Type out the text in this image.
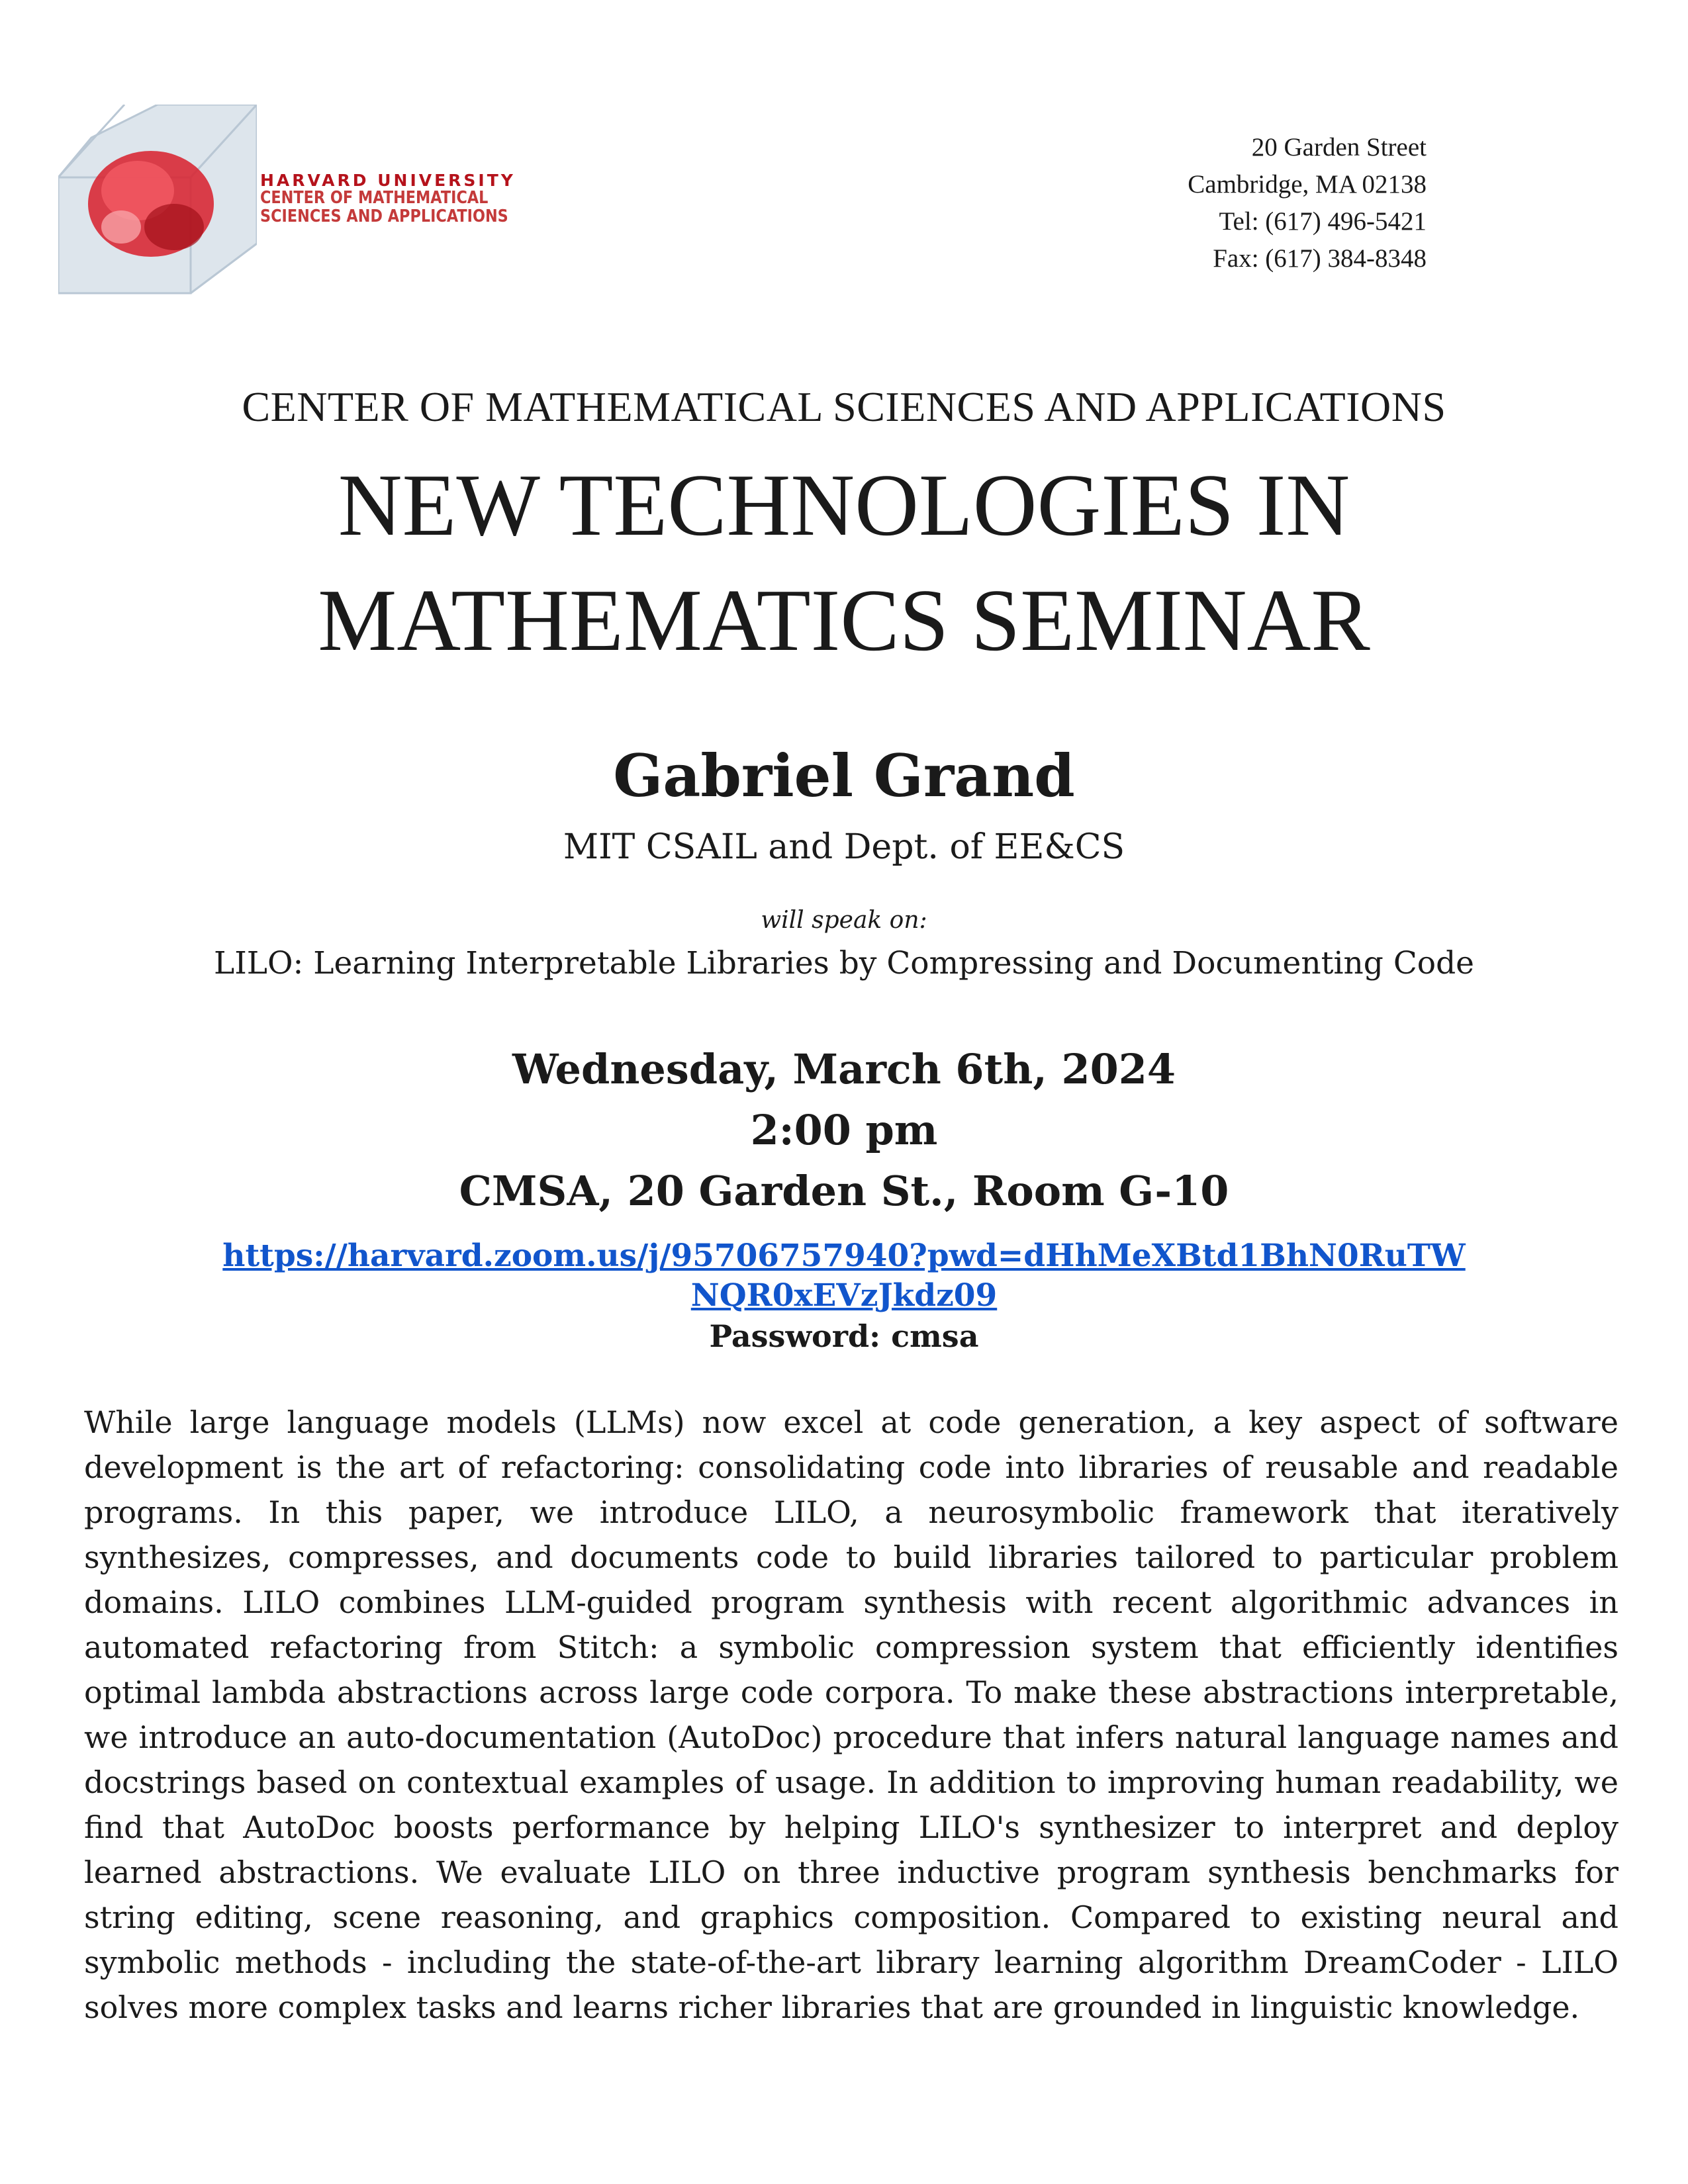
HARVARD UNIVERSITY
CENTER OF MATHEMATICAL
SCIENCES AND APPLICATIONS
20 Garden Street
Cambridge, MA 02138
Tel: (617) 496-5421
Fax: (617) 384-8348
CENTER OF MATHEMATICAL SCIENCES AND APPLICATIONS
NEW TECHNOLOGIES IN
MATHEMATICS SEMINAR
Gabriel Grand
MIT CSAIL and Dept. of EE&CS
will speak on:
LILO: Learning Interpretable Libraries by Compressing and Documenting Code
Wednesday, March 6th, 2024
2:00 pm
CMSA, 20 Garden St., Room G-10
https://harvard.zoom.us/j/95706757940?pwd=dHhMeXBtd1BhN0RuTW
NQR0xEVzJkdz09
Password: cmsa

While large language models (LLMs) now excel at code generation, a key aspect of software development is the art of refactoring: consolidating code into libraries of reusable and readable programs. In this paper, we introduce LILO, a neurosymbolic framework that iteratively synthesizes, compresses, and documents code to build libraries tailored to particular problem domains. LILO combines LLM-guided program synthesis with recent algorithmic advances in automated refactoring from Stitch: a symbolic compression system that efficiently identifies optimal lambda abstractions across large code corpora. To make these abstractions interpretable, we introduce an auto-documentation (AutoDoc) procedure that infers natural language names and docstrings based on contextual examples of usage. In addition to improving human readability, we find that AutoDoc boosts performance by helping LILO's synthesizer to interpret and deploy learned abstractions. We evaluate LILO on three inductive program synthesis benchmarks for string editing, scene reasoning, and graphics composition. Compared to existing neural and symbolic methods - including the state-of-the-art library learning algorithm DreamCoder - LILO solves more complex tasks and learns richer libraries that are grounded in linguistic knowledge.
